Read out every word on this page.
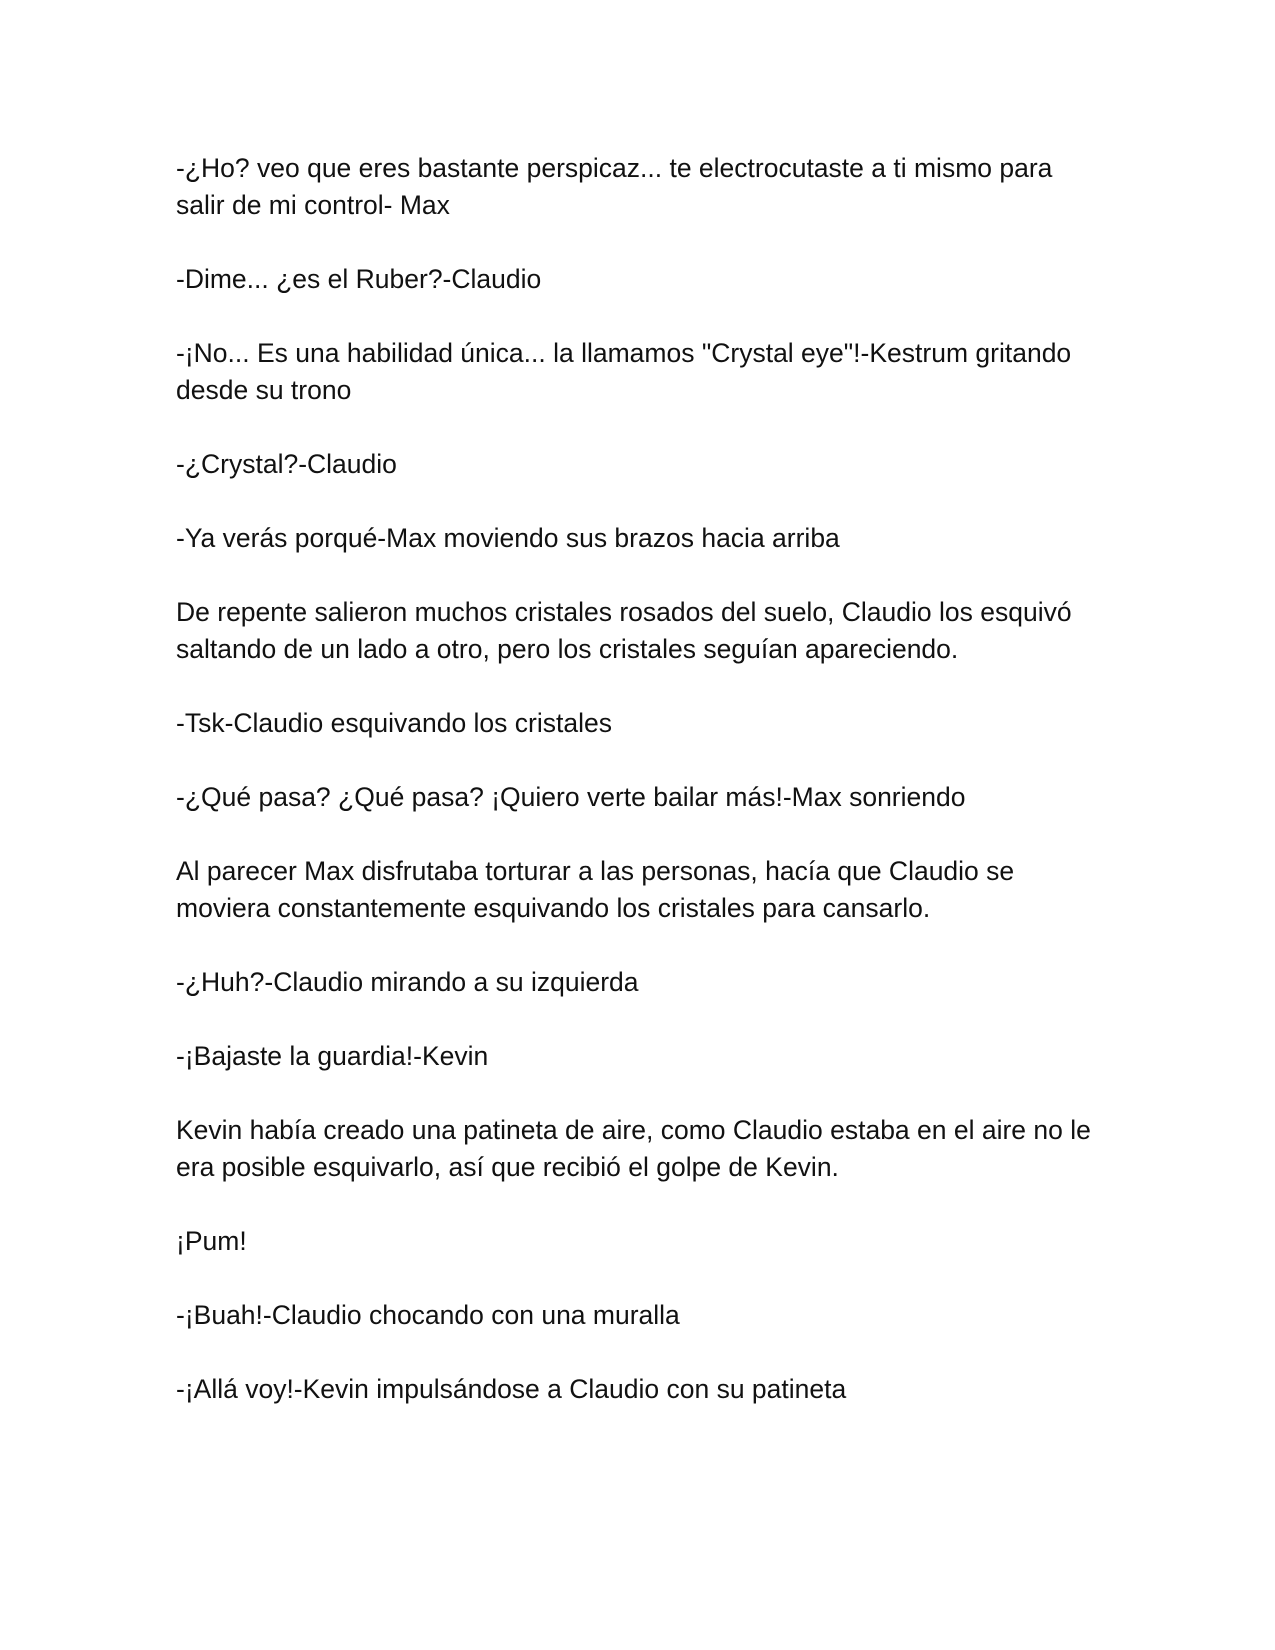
-¿Ho? veo que eres bastante perspicaz... te electrocutaste a ti mismo para salir de mi control- Max

-Dime... ¿es el Ruber?-Claudio

-¡No... Es una habilidad única... la llamamos "Crystal eye"!-Kestrum gritando desde su trono

-¿Crystal?-Claudio

-Ya verás porqué-Max moviendo sus brazos hacia arriba

De repente salieron muchos cristales rosados del suelo, Claudio los esquivó saltando de un lado a otro, pero los cristales seguían apareciendo.

-Tsk-Claudio esquivando los cristales

-¿Qué pasa? ¿Qué pasa? ¡Quiero verte bailar más!-Max sonriendo

Al parecer Max disfrutaba torturar a las personas, hacía que Claudio se moviera constantemente esquivando los cristales para cansarlo.

-¿Huh?-Claudio mirando a su izquierda

-¡Bajaste la guardia!-Kevin

Kevin había creado una patineta de aire, como Claudio estaba en el aire no le era posible esquivarlo, así que recibió el golpe de Kevin.

¡Pum!

-¡Buah!-Claudio chocando con una muralla

-¡Allá voy!-Kevin impulsándose a Claudio con su patineta
